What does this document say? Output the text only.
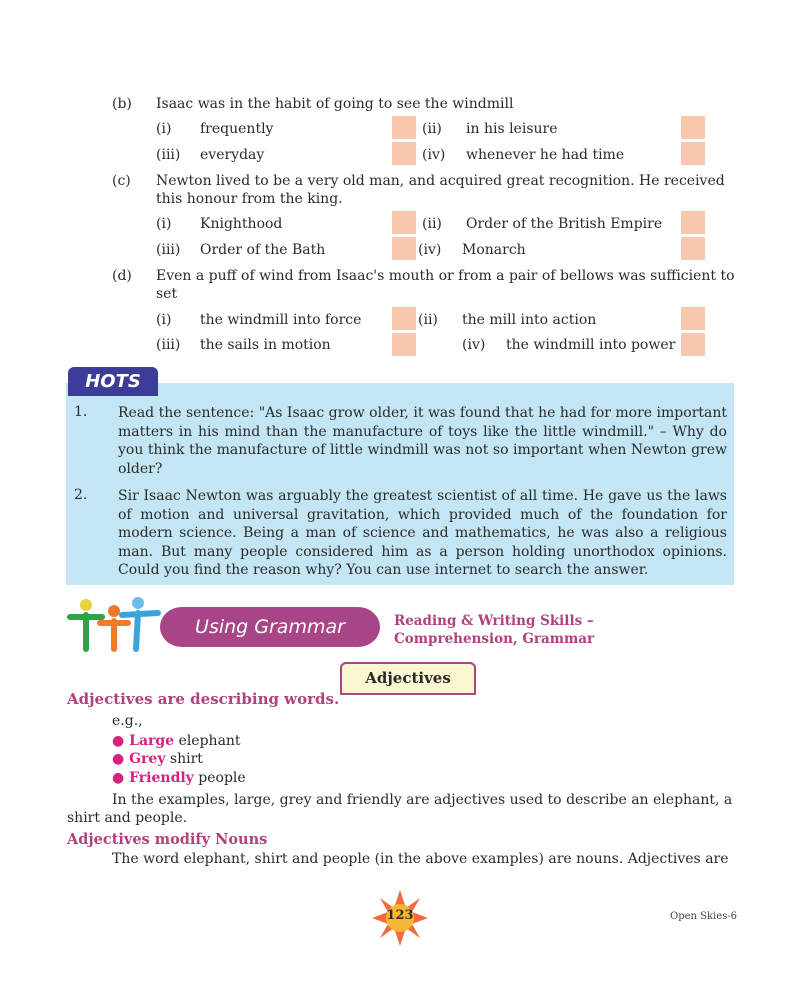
(b) Isaac was in the habit of going to see the windmill
(i) frequently	(ii) in his leisure
(iii) everyday	(iv) whenever he had time
(c) Newton lived to be a very old man, and acquired great recognition. He received
this honour from the king.
(i) Knighthood	(ii) Order of the British Empire
(iii) Order of the Bath	(iv) Monarch
(d) Even a puff of wind from Isaac's mouth or from a pair of bellows was sufficient to
set
(i) the windmill into force	(ii) the mill into action
(iii) the sails in motion	(iv) the windmill into power
HOTS
1. Read the sentence: "As Isaac grow older, it was found that he had for more important matters in his mind than the manufacture of toys like the little windmill." – Why do you think the manufacture of little windmill was not so important when Newton grew older?
2. Sir Isaac Newton was arguably the greatest scientist of all time. He gave us the laws of motion and universal gravitation, which provided much of the foundation for modern science. Being a man of science and mathematics, he was also a religious man. But many people considered him as a person holding unorthodox opinions. Could you find the reason why? You can use internet to search the answer.
Using Grammar	Reading & Writing Skills –
Comprehension, Grammar
Adjectives
Adjectives are describing words.
e.g.,
● Large elephant
● Grey shirt
● Friendly people
In the examples, large, grey and friendly are adjectives used to describe an elephant, a
shirt and people.
Adjectives modify Nouns
The word elephant, shirt and people (in the above examples) are nouns. Adjectives are
123	Open Skies-6
